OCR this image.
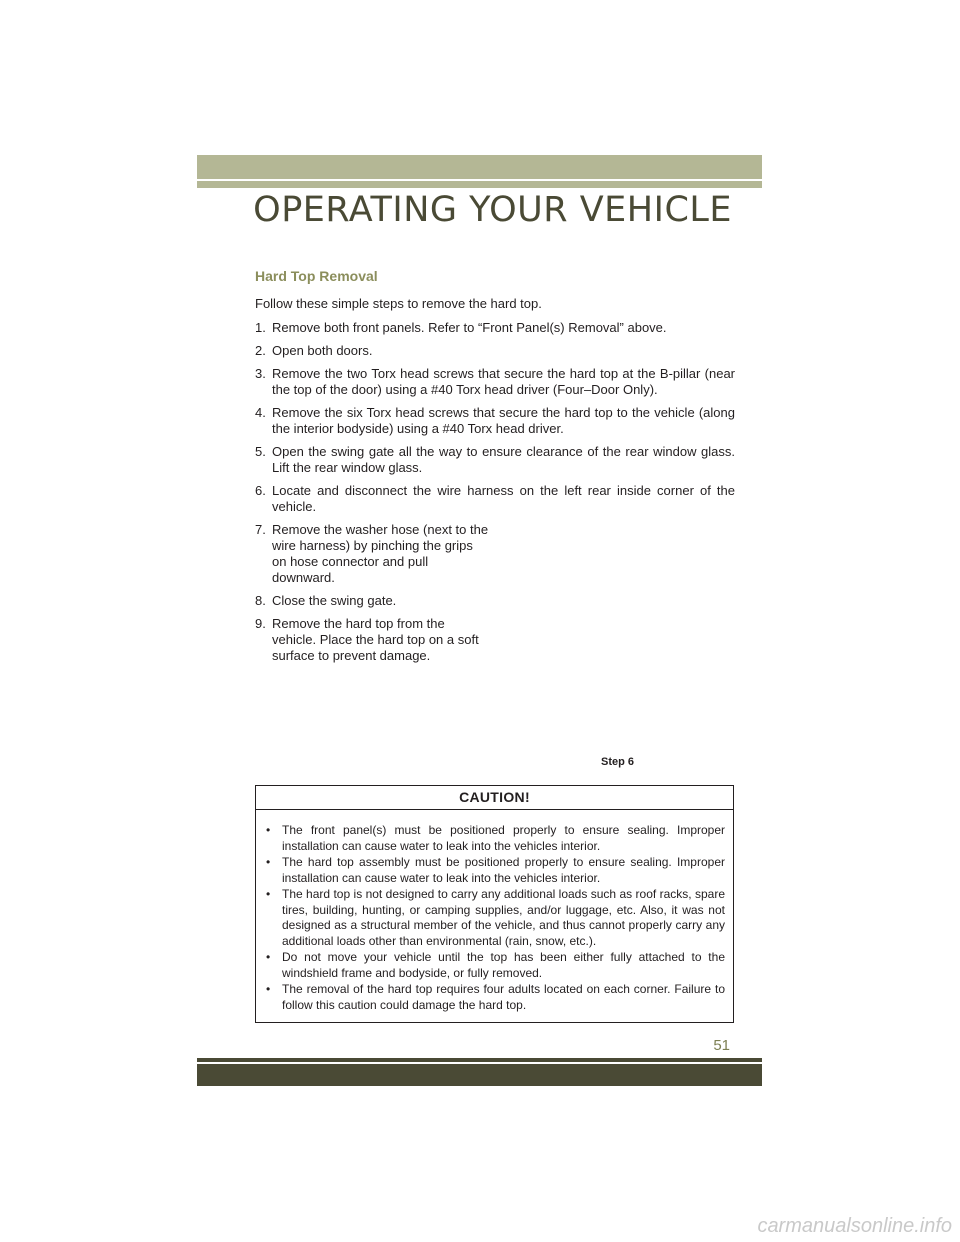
OPERATING YOUR VEHICLE
Hard Top Removal
Follow these simple steps to remove the hard top.
1. Remove both front panels. Refer to “Front Panel(s) Removal” above.
2. Open both doors.
3. Remove the two Torx head screws that secure the hard top at the B-pillar (near the top of the door) using a #40 Torx head driver (Four–Door Only).
4. Remove the six Torx head screws that secure the hard top to the vehicle (along the interior bodyside) using a #40 Torx head driver.
5. Open the swing gate all the way to ensure clearance of the rear window glass. Lift the rear window glass.
6. Locate and disconnect the wire harness on the left rear inside corner of the vehicle.
7. Remove the washer hose (next to the wire harness) by pinching the grips on hose connector and pull downward.
8. Close the swing gate.
9. Remove the hard top from the vehicle. Place the hard top on a soft surface to prevent damage.
Step 6
CAUTION!
• The front panel(s) must be positioned properly to ensure sealing. Improper installation can cause water to leak into the vehicles interior.
• The hard top assembly must be positioned properly to ensure sealing. Improper installation can cause water to leak into the vehicles interior.
• The hard top is not designed to carry any additional loads such as roof racks, spare tires, building, hunting, or camping supplies, and/or luggage, etc. Also, it was not designed as a structural member of the vehicle, and thus cannot properly carry any additional loads other than environmental (rain, snow, etc.).
• Do not move your vehicle until the top has been either fully attached to the windshield frame and bodyside, or fully removed.
• The removal of the hard top requires four adults located on each corner. Failure to follow this caution could damage the hard top.
51
carmanualsonline.info
